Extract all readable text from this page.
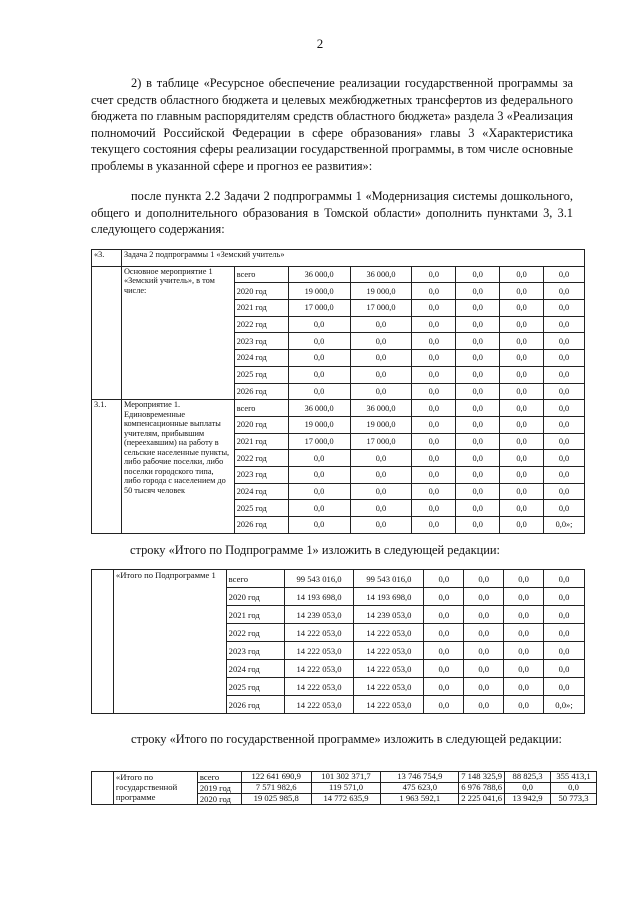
2
2) в таблице «Ресурсное обеспечение реализации государственной программы за счет средств областного бюджета и целевых межбюджетных трансфертов из федерального бюджета по главным распорядителям средств областного бюджета» раздела 3 «Реализация полномочий Российской Федерации в сфере образования» главы 3 «Характеристика текущего состояния сферы реализации государственной программы, в том числе основные проблемы в указанной сфере и прогноз ее развития»:
после пункта 2.2 Задачи 2 подпрограммы 1 «Модернизация системы дошкольного, общего и дополнительного образования в Томской области» дополнить пунктами 3, 3.1 следующего содержания:
«3.	Задача 2 подпрограммы 1 «Земский учитель»							
	Основное мероприятие 1 «Земский учитель», в том числе:	всего	36 000,0	36 000,0	0,0	0,0	0,0	0,0
		2020 год	19 000,0	19 000,0	0,0	0,0	0,0	0,0
		2021 год	17 000,0	17 000,0	0,0	0,0	0,0	0,0
		2022 год	0,0	0,0	0,0	0,0	0,0	0,0
		2023 год	0,0	0,0	0,0	0,0	0,0	0,0
		2024 год	0,0	0,0	0,0	0,0	0,0	0,0
		2025 год	0,0	0,0	0,0	0,0	0,0	0,0
		2026 год	0,0	0,0	0,0	0,0	0,0	0,0
3.1.	Мероприятие 1. Единовременные компенсационные выплаты учителям, прибывшим (переехавшим) на работу в сельские населенные пункты, либо рабочие поселки, либо поселки городского типа, либо города с населением до 50 тысяч человек	всего	36 000,0	36 000,0	0,0	0,0	0,0	0,0
		2020 год	19 000,0	19 000,0	0,0	0,0	0,0	0,0
		2021 год	17 000,0	17 000,0	0,0	0,0	0,0	0,0
		2022 год	0,0	0,0	0,0	0,0	0,0	0,0
		2023 год	0,0	0,0	0,0	0,0	0,0	0,0
		2024 год	0,0	0,0	0,0	0,0	0,0	0,0
		2025 год	0,0	0,0	0,0	0,0	0,0	0,0
		2026 год	0,0	0,0	0,0	0,0	0,0	0,0»;
строку «Итого по Подпрограмме 1» изложить в следующей редакции:
	«Итого по Подпрограмме 1	всего	99 543 016,0	99 543 016,0	0,0	0,0	0,0	0,0
		2020 год	14 193 698,0	14 193 698,0	0,0	0,0	0,0	0,0
		2021 год	14 239 053,0	14 239 053,0	0,0	0,0	0,0	0,0
		2022 год	14 222 053,0	14 222 053,0	0,0	0,0	0,0	0,0
		2023 год	14 222 053,0	14 222 053,0	0,0	0,0	0,0	0,0
		2024 год	14 222 053,0	14 222 053,0	0,0	0,0	0,0	0,0
		2025 год	14 222 053,0	14 222 053,0	0,0	0,0	0,0	0,0
		2026 год	14 222 053,0	14 222 053,0	0,0	0,0	0,0	0,0»;
строку «Итого по государственной программе» изложить в следующей редакции:
	«Итого по государственной программе	всего	122 641 690,9	101 302 371,7	13 746 754,9	7 148 325,9	88 825,3	355 413,1
		2019 год	7 571 982,6	119 571,0	475 623,0	6 976 788,6	0,0	0,0
		2020 год	19 025 985,8	14 772 635,9	1 963 592,1	2 225 041,6	13 942,9	50 773,3
